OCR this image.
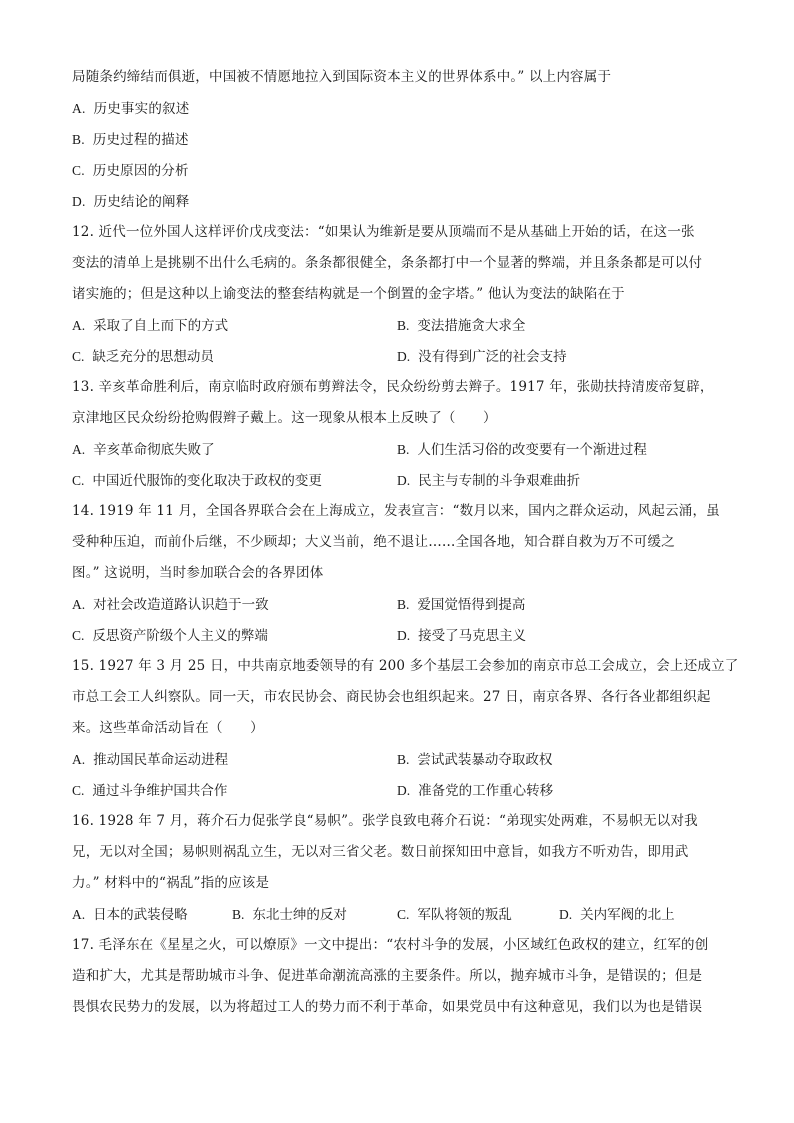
局随条约缔结而俱逝，中国被不情愿地拉入到国际资本主义的世界体系中。” 以上内容属于
A. 历史事实的叙述
B. 历史过程的描述
C. 历史原因的分析
D. 历史结论的阐释
12. 近代一位外国人这样评价戊戌变法：“如果认为维新是要从顶端而不是从基础上开始的话，在这一张
变法的清单上是挑剔不出什么毛病的。条条都很健全，条条都打中一个显著的弊端，并且条条都是可以付
诸实施的；但是这种以上谕变法的整套结构就是一个倒置的金字塔。” 他认为变法的缺陷在于
A. 采取了自上而下的方式	B. 变法措施贪大求全
C. 缺乏充分的思想动员	D. 没有得到广泛的社会支持
13. 辛亥革命胜利后，南京临时政府颁布剪辫法令，民众纷纷剪去辫子。1917 年，张勋扶持清废帝复辟，
京津地区民众纷纷抢购假辫子戴上。这一现象从根本上反映了（　　）
A. 辛亥革命彻底失败了	B. 人们生活习俗的改变要有一个渐进过程
C. 中国近代服饰的变化取决于政权的变更	D. 民主与专制的斗争艰难曲折
14. 1919 年 11 月，全国各界联合会在上海成立，发表宣言：“数月以来，国内之群众运动，风起云涌，虽
受种种压迫，而前仆后继，不少顾却；大义当前，绝不退让……全国各地，知合群自救为万不可缓之
图。” 这说明，当时参加联合会的各界团体
A. 对社会改造道路认识趋于一致	B. 爱国觉悟得到提高
C. 反思资产阶级个人主义的弊端	D. 接受了马克思主义
15. 1927 年 3 月 25 日，中共南京地委领导的有 200 多个基层工会参加的南京市总工会成立，会上还成立了
市总工会工人纠察队。同一天，市农民协会、商民协会也组织起来。27 日，南京各界、各行各业都组织起
来。这些革命活动旨在（　　）
A. 推动国民革命运动进程	B. 尝试武装暴动夺取政权
C. 通过斗争维护国共合作	D. 准备党的工作重心转移
16. 1928 年 7 月，蒋介石力促张学良“易帜”。张学良致电蒋介石说：“弟现实处两难，不易帜无以对我
兄，无以对全国；易帜则祸乱立生，无以对三省父老。数日前探知田中意旨，如我方不听劝告，即用武
力。” 材料中的“祸乱”指的应该是
A. 日本的武装侵略	B. 东北士绅的反对	C. 军队将领的叛乱	D. 关内军阀的北上
17. 毛泽东在《星星之火，可以燎原》一文中提出：“农村斗争的发展，小区域红色政权的建立，红军的创
造和扩大，尤其是帮助城市斗争、促进革命潮流高涨的主要条件。所以，抛弃城市斗争，是错误的；但是
畏惧农民势力的发展，以为将超过工人的势力而不利于革命，如果党员中有这种意见，我们以为也是错误
